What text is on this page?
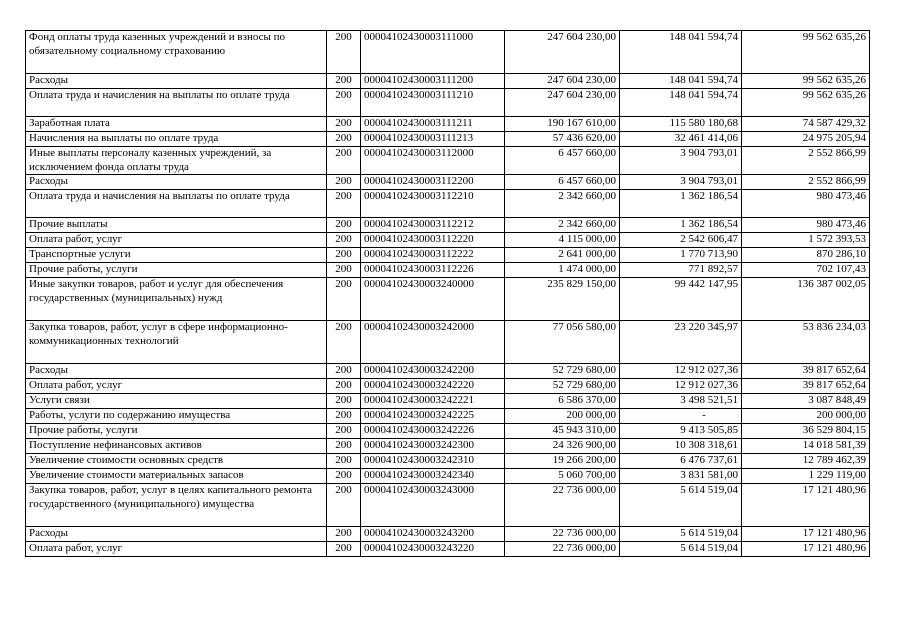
Фонд оплаты труда казенных учреждений и взносы по обязательному социальному страхованию	200	00004102430003111000	247 604 230,00	148 041 594,74	99 562 635,26
Расходы	200	00004102430003111200	247 604 230,00	148 041 594,74	99 562 635,26
Оплата труда и начисления на выплаты по оплате труда	200	00004102430003111210	247 604 230,00	148 041 594,74	99 562 635,26
Заработная плата	200	00004102430003111211	190 167 610,00	115 580 180,68	74 587 429,32
Начисления на выплаты по оплате труда	200	00004102430003111213	57 436 620,00	32 461 414,06	24 975 205,94
Иные выплаты персоналу казенных учреждений, за исключением фонда оплаты труда	200	00004102430003112000	6 457 660,00	3 904 793,01	2 552 866,99
Расходы	200	00004102430003112200	6 457 660,00	3 904 793,01	2 552 866,99
Оплата труда и начисления на выплаты по оплате труда	200	00004102430003112210	2 342 660,00	1 362 186,54	980 473,46
Прочие выплаты	200	00004102430003112212	2 342 660,00	1 362 186,54	980 473,46
Оплата работ, услуг	200	00004102430003112220	4 115 000,00	2 542 606,47	1 572 393,53
Транспортные услуги	200	00004102430003112222	2 641 000,00	1 770 713,90	870 286,10
Прочие работы, услуги	200	00004102430003112226	1 474 000,00	771 892,57	702 107,43
Иные закупки товаров, работ и услуг для обеспечения государственных (муниципальных) нужд	200	00004102430003240000	235 829 150,00	99 442 147,95	136 387 002,05
Закупка товаров, работ, услуг в сфере информационно-коммуникационных технологий	200	00004102430003242000	77 056 580,00	23 220 345,97	53 836 234,03
Расходы	200	00004102430003242200	52 729 680,00	12 912 027,36	39 817 652,64
Оплата работ, услуг	200	00004102430003242220	52 729 680,00	12 912 027,36	39 817 652,64
Услуги связи	200	00004102430003242221	6 586 370,00	3 498 521,51	3 087 848,49
Работы, услуги по содержанию имущества	200	00004102430003242225	200 000,00	-	200 000,00
Прочие работы, услуги	200	00004102430003242226	45 943 310,00	9 413 505,85	36 529 804,15
Поступление нефинансовых активов	200	00004102430003242300	24 326 900,00	10 308 318,61	14 018 581,39
Увеличение стоимости основных средств	200	00004102430003242310	19 266 200,00	6 476 737,61	12 789 462,39
Увеличение стоимости материальных запасов	200	00004102430003242340	5 060 700,00	3 831 581,00	1 229 119,00
Закупка товаров, работ, услуг в целях капитального ремонта государственного (муниципального) имущества	200	00004102430003243000	22 736 000,00	5 614 519,04	17 121 480,96
Расходы	200	00004102430003243200	22 736 000,00	5 614 519,04	17 121 480,96
Оплата работ, услуг	200	00004102430003243220	22 736 000,00	5 614 519,04	17 121 480,96
